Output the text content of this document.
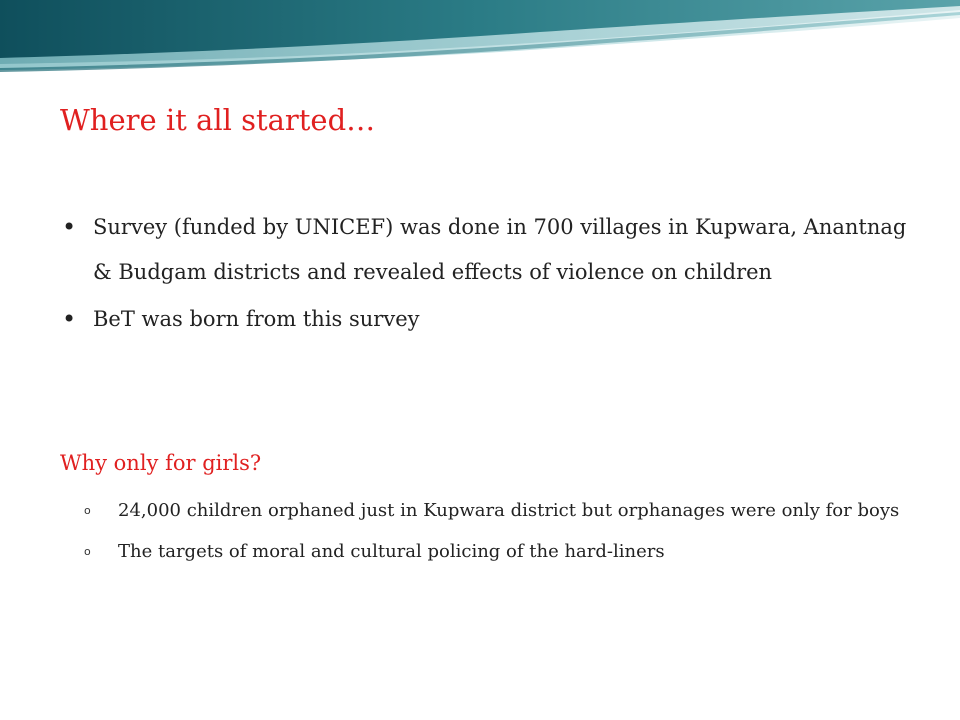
Where it all started…
• Survey (funded by UNICEF) was done in 700 villages in Kupwara, Anantnag & Budgam districts and revealed effects of violence on children
• BeT was born from this survey
Why only for girls?
o 24,000 children orphaned just in Kupwara district but orphanages were only for boys
o The targets of moral and cultural policing of the hard-liners
